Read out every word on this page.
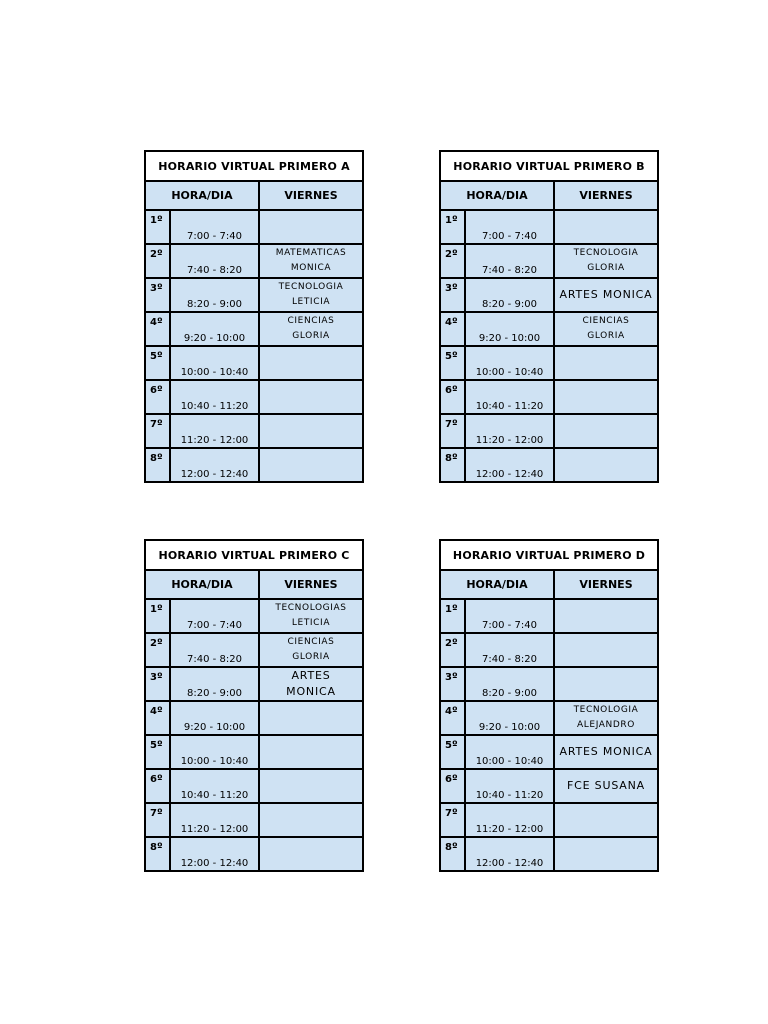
HORARIO VIRTUAL PRIMERO A		
HORA/DIA		VIERNES
1º	7:00 - 7:40	
2º	7:40 - 8:20	MATEMATICAS
MONICA

3º	8:20 - 9:00	TECNOLOGIA
LETICIA

4º	9:20 - 10:00	CIENCIAS
GLORIA

5º	10:00 - 10:40	
6º	10:40 - 11:20	
7º	11:20 - 12:00	
8º	12:00 - 12:40	
HORARIO VIRTUAL PRIMERO B		
HORA/DIA		VIERNES
1º	7:00 - 7:40	
2º	7:40 - 8:20	TECNOLOGIA
GLORIA

3º	8:20 - 9:00	ARTES MONICA

4º	9:20 - 10:00	CIENCIAS
GLORIA

5º	10:00 - 10:40	
6º	10:40 - 11:20	
7º	11:20 - 12:00	
8º	12:00 - 12:40	
HORARIO VIRTUAL PRIMERO C		
HORA/DIA		VIERNES
1º	7:00 - 7:40	TECNOLOGIAS
LETICIA

2º	7:40 - 8:20	CIENCIAS
GLORIA

3º	8:20 - 9:00	ARTES
MONICA

4º	9:20 - 10:00	
5º	10:00 - 10:40	
6º	10:40 - 11:20	
7º	11:20 - 12:00	
8º	12:00 - 12:40	
HORARIO VIRTUAL PRIMERO D		
HORA/DIA		VIERNES
1º	7:00 - 7:40	
2º	7:40 - 8:20	
3º	8:20 - 9:00	
4º	9:20 - 10:00	TECNOLOGIA
ALEJANDRO

5º	10:00 - 10:40	ARTES MONICA

6º	10:40 - 11:20	FCE SUSANA

7º	11:20 - 12:00	
8º	12:00 - 12:40	
